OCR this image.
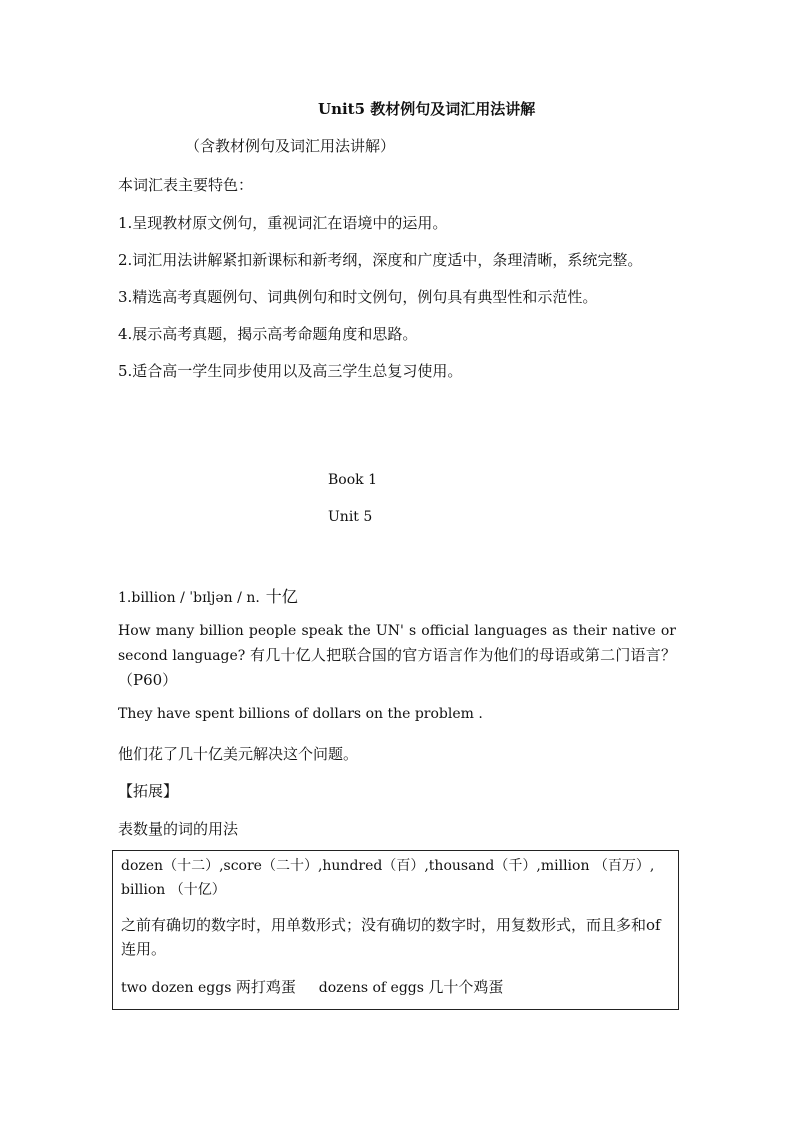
Unit5 教材例句及词汇用法讲解
（含教材例句及词汇用法讲解）
本词汇表主要特色：
1.呈现教材原文例句，重视词汇在语境中的运用。
2.词汇用法讲解紧扣新课标和新考纲，深度和广度适中，条理清晰，系统完整。
3.精选高考真题例句、词典例句和时文例句，例句具有典型性和示范性。
4.展示高考真题，揭示高考命题角度和思路。
5.适合高一学生同步使用以及高三学生总复习使用。
Book 1
Unit 5
1.billion / ˈbɪljən / n. 十亿
How many billion people speak the UN' s official languages as their native or second language? 有几十亿人把联合国的官方语言作为他们的母语或第二门语言？（P60）
They have spent billions of dollars on the problem .
他们花了几十亿美元解决这个问题。
【拓展】
表数量的词的用法
dozen（十二）,score（二十）,hundred（百）,thousand（千）,million （百万）,
billion （十亿）
之前有确切的数字时，用单数形式；没有确切的数字时，用复数形式，而且多和of 连用。
two dozen eggs 两打鸡蛋 dozens of eggs 几十个鸡蛋
